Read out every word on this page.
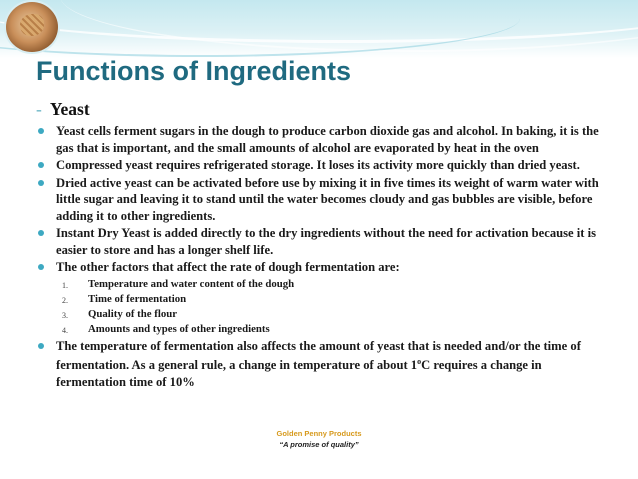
Functions of Ingredients
- Yeast
Yeast cells ferment sugars in the dough to produce carbon dioxide gas and alcohol. In baking, it is the gas that is important, and the small amounts of alcohol are evaporated by heat in the oven
Compressed yeast requires refrigerated storage. It loses its activity more quickly than dried yeast.
Dried active yeast can be activated before use by mixing it in five times its weight of warm water with little sugar and leaving it to stand until the water becomes cloudy and gas bubbles are visible, before adding it to other ingredients.
Instant Dry Yeast is added directly to the dry ingredients without the need for activation because it is easier to store and has a longer shelf life.
The other factors that affect the rate of dough fermentation are:
1. Temperature and water content of the dough
2. Time of fermentation
3. Quality of the flour
4. Amounts and types of other ingredients
The temperature of fermentation also affects the amount of yeast that is needed and/or the time of fermentation. As a general rule, a change in temperature of about 1$^o$C requires a change in fermentation time of 10%
Golden Penny Products
“A promise of quality”
